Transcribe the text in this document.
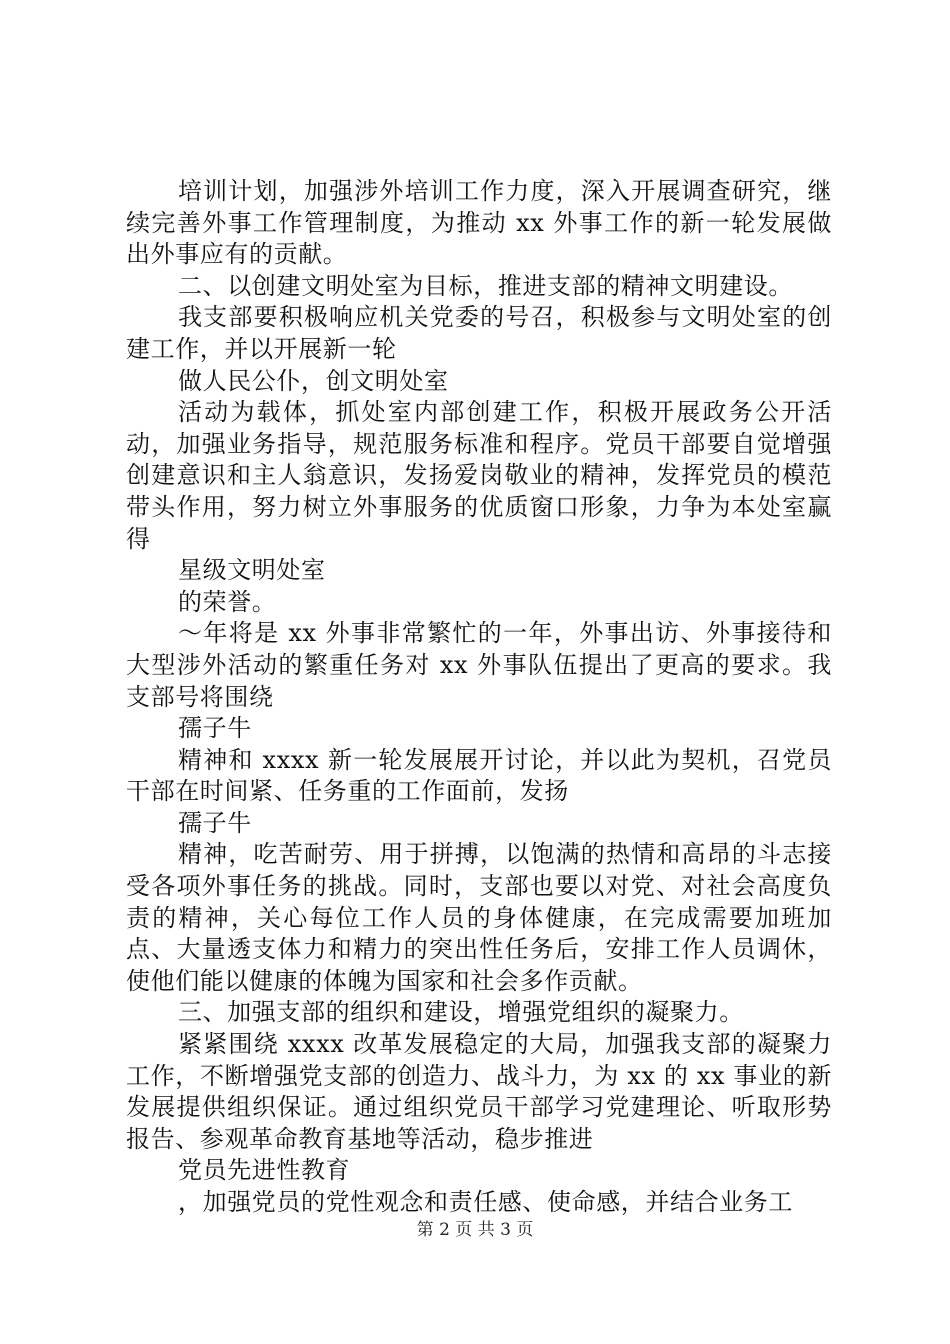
培训计划，加强涉外培训工作力度，深入开展调查研究，继续完善外事工作管理制度，为推动 xx 外事工作的新一轮发展做出外事应有的贡献。

二、以创建文明处室为目标，推进支部的精神文明建设。

我支部要积极响应机关党委的号召，积极参与文明处室的创建工作，并以开展新一轮

做人民公仆，创文明处室

活动为载体，抓处室内部创建工作，积极开展政务公开活动，加强业务指导，规范服务标准和程序。党员干部要自觉增强创建意识和主人翁意识，发扬爱岗敬业的精神，发挥党员的模范带头作用，努力树立外事服务的优质窗口形象，力争为本处室赢得

星级文明处室

的荣誉。

～年将是 xx 外事非常繁忙的一年，外事出访、外事接待和大型涉外活动的繁重任务对 xx 外事队伍提出了更高的要求。我支部号将围绕

孺子牛

精神和 xxxx 新一轮发展展开讨论，并以此为契机，召党员干部在时间紧、任务重的工作面前，发扬

孺子牛

精神，吃苦耐劳、用于拼搏，以饱满的热情和高昂的斗志接受各项外事任务的挑战。同时，支部也要以对党、对社会高度负责的精神，关心每位工作人员的身体健康，在完成需要加班加点、大量透支体力和精力的突出性任务后，安排工作人员调休，使他们能以健康的体魄为国家和社会多作贡献。

三、加强支部的组织和建设，增强党组织的凝聚力。

紧紧围绕 xxxx 改革发展稳定的大局，加强我支部的凝聚力工作，不断增强党支部的创造力、战斗力，为 xx 的 xx 事业的新发展提供组织保证。通过组织党员干部学习党建理论、听取形势报告、参观革命教育基地等活动，稳步推进

党员先进性教育

，加强党员的党性观念和责任感、使命感，并结合业务工

第 2 页 共 3 页
